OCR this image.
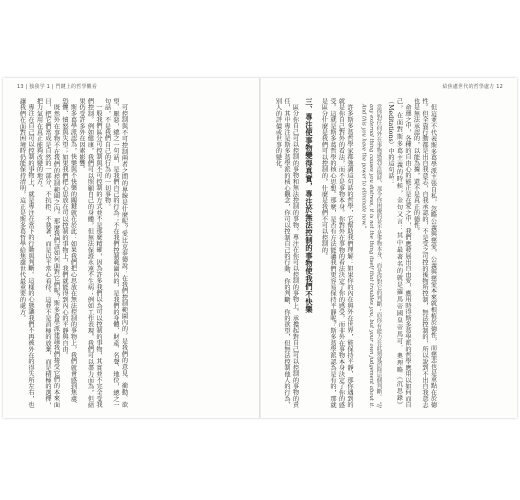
13 | 独我学 1 | 門鍵上的哲學觀看	給焦慮世代的哲學處方 12

但這並不代表斯多葛學派主張自私，忽略公義與慈愛。公義與慈愛本來就根植於德性，而慈悲也是重點在於德性。但全靠行動都是出自我意志，自我承認的，不是受之可控的後物所控制，無法控制的，所以說到不出自我意志也是無法承認的，以能為據，還不是真正的德性。

命運之中，各種的自由心的能正是在愛之中，我們應發展出自由愛，應用時得斯多葛學派的哲學應用以如何而自己，在面對斯多葛主義的時候，金句又言：其中最著名的就是羅馬帝國皇帝馬可．奧理略《沉思錄》（Meditations）中的這句話：

當你對任何外在事物感到苦惱時，那令你困擾的並不是事物本身，而是你對它的判斷；而你有能力在此刻就消除這個判斷。 "If any external thing causes you distress, it is not the thing itself that troubles you, but your own judgement about it. And this you have the power to eliminate now."

許多斯多葛哲學家都強調這句話的哲學，它幫助我們理解：如果你的內在與外在世界，能保持平靜，那你遇到的就是你自己對外的看法，而不是事物本身。你對外在事物的看法決定了你的感受，而非外在事物本身決定了你的感受。這就是斯多葛哲學的核心思想。那麼，是否有方法能讓我們更容易保持平靜呢？斯多葛學派認為是有的，那就是區分什麼是我們可以控制的，什麼是我們不可以控制的。

三、專注使事物變得真實，專注於無法控制的事物使我們不快樂

區分你自己可以控制的事物和無法控制的事物，專注在你可以控制的事物上，承擔起對自己可以控制的事物的責任，其中專注是斯多葛學派的核心觀念，你可以控制自己的行動、你的判斷、你的欲望，但無法控制他人的行為、別人的評價或世事的變化。

可控制與不可控制兩者之間的界線是什麼呢？愛比克泰德說：在我們控制範圍內的，是我們的意見、衝動、欲望、厭惡，總之一句話，是我們自己的行為；不在我們控制範圍內的，是我們的身體、財產、名聲、地位，總之一句話，不是我們自己的行為的一切事物。

一般我們區分可控制與不可控制的方式並不是那麼精確，因為許多我們以為可以控制的事物，其實並不完全受我們控制。例如健康，我們可以照顧自己的身體，但無法保證永遠不生病；例如工作表現，我們可以盡力而為，但結果仍受許多外在因素影響。

斯多葛學派認為，快樂與不快樂的關鍵就在於此：如果我們把心思放在無法控制的事物上，我們就會感到焦慮、恐懼、憤怒與失望；如果我們把心思放在可以控制的事物上，我們就能得到內心的平靜與自由。

既然外在事物不在我們的控制範圍之內，那麼我們該如何面對它們呢？斯多葛學派建議我們接受它們的本來面目，把它們當成是自然的一部分，不抗拒、不執著，而是以平常心看待。這並不是消極的放棄，而是積極的選擇，把力氣用在真正能夠改變的地方。

專注在自己可以控制的事物上，就是專注在當下的行動與判斷。這樣的心態讓我們不再被外在的得失所左右，也讓我們在面對困境時仍能保持清明，這正是斯多葛哲學給焦慮世代最重要的處方。
